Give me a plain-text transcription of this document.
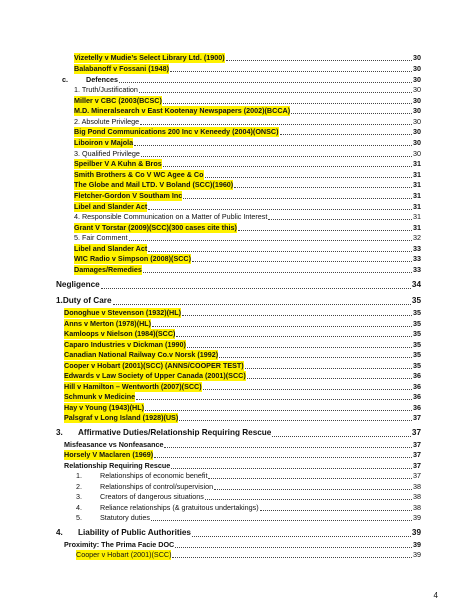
Vizetelly v Mudie’s Select Library Ltd. (1900)	30
Balabanoff v Fossani (1948)	30
c.	Defences	30
1. Truth/Justification	30
Miller v CBC (2003(BCSC)	30
M.D. Mineralsearch v East Kootenay Newspapers (2002)(BCCA)	30
2. Absolute Privilege	30
Big Pond Communications 200 Inc v Keneedy (2004)(ONSC)	30
Liboiron v Majola	30
3. Qualified Privilege	30
Speilber V A Kuhn & Bros	31
Smith Brothers & Co V WC Agee & Co	31
The Globe and Mail LTD. V Boland (SCC)(1960)	31
Fletcher-Gordon V Southam Inc	31
Libel and Slander Act	31
4. Responsible Communication on a Matter of Public Interest	31
Grant V Torstar (2009)(SCC)(300 cases cite this)	31
5. Fair Comment	32
Libel and Slander Act	33
WIC Radio v Simpson (2008)(SCC)	33
Damages/Remedies	33
Negligence	34
1.Duty of Care	35
Donoghue v Stevenson (1932)(HL)	35
Anns v Merton (1978)(HL)	35
Kamloops v Nielson (1984)(SCC)	35
Caparo Industries v Dickman (1990)	35
Canadian National Railway Co.v Norsk (1992)	35
Cooper v Hobart (2001)(SCC) (ANNS/COOPER TEST)	35
Edwards v Law Society of Upper Canada (2001)(SCC)	36
Hill v Hamilton – Wentworth (2007)(SCC)	36
Schmunk v Medicine	36
Hay v Young (1943)(HL)	36
Palsgraf v Long Island (1928)(US)	37
3.	Affirmative Duties/Relationship Requiring Rescue	37
Misfeasance vs Nonfeasance	37
Horsely V Maclaren (1969)	37
Relationship Requiring Rescue	37
1.	Relationships of economic benefit	37
2.	Relationships of control/supervision	38
3.	Creators of dangerous situations	38
4.	Reliance relationships (& gratuitous undertakings)	38
5.	Statutory duties	39
4.	Liability of Public Authorities	39
Proximity: The Prima Facie DOC	39
Cooper v Hobart (2001)(SCC)	39
4
